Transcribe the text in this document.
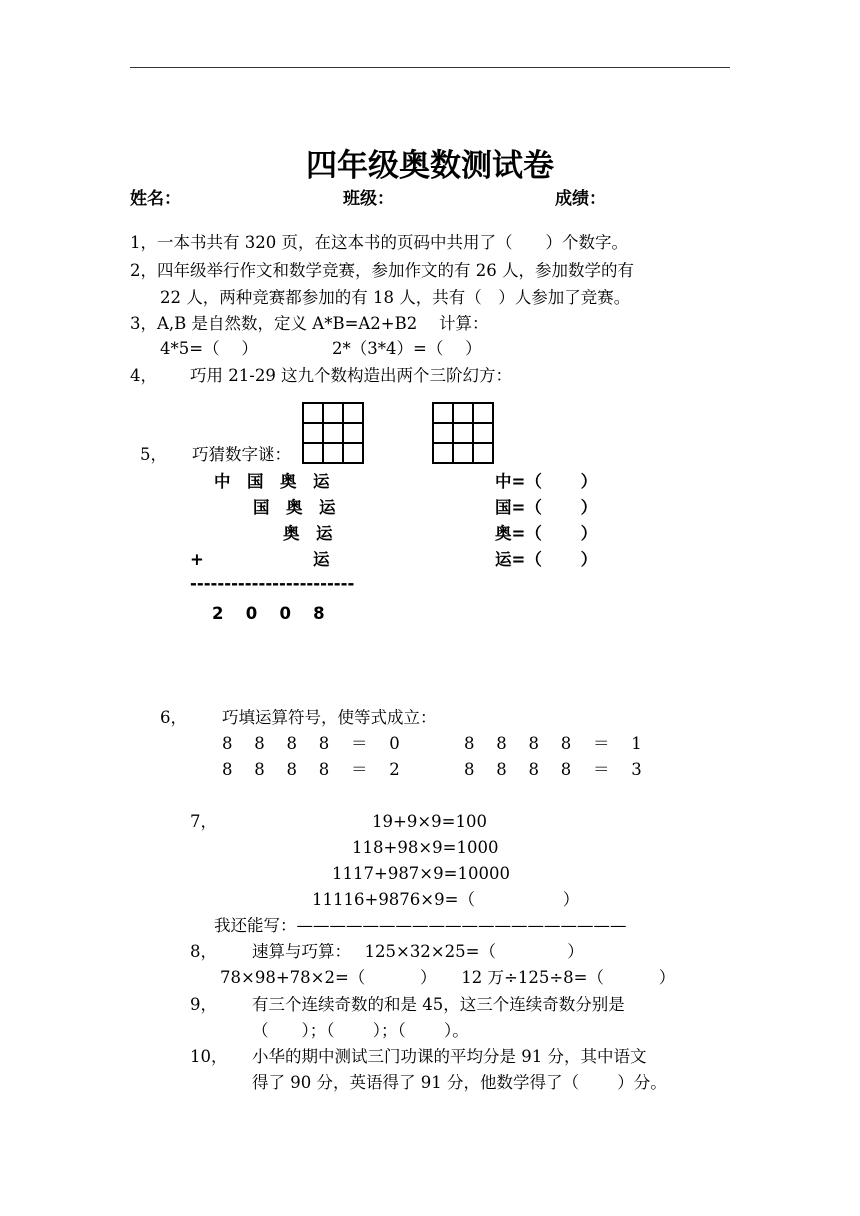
四年级奥数测试卷
姓名：	班级：	成绩：
1，一本书共有 320 页，在这本书的页码中共用了（　　）个数字。
2，四年级举行作文和数学竞赛，参加作文的有 26 人，参加数学的有
22 人，两种竞赛都参加的有 18 人，共有（　）人参加了竞赛。
3，A,B 是自然数，定义 A*B=A2+B2　 计算：
4*5=（　 ）	2*（3*4）=（　 ）
4， 巧用 21-29 这九个数构造出两个三阶幻方：
5， 巧猜数字谜：
中　国　奥　运
国　奥　运
奥　运
+	运
------------------------
2　 0　 0　 8
中=（　　 ）
国=（　　 ）
奥=（　　 ）
运=（　　 ）
6， 巧填运算符号，使等式成立：
8　 8　 8　 8　 ＝　 0	8　 8　 8　 8　 ＝　 1
8　 8　 8　 8　 ＝　 2	8　 8　 8　 8　 ＝　 3
7，	19+9×9=100
118+98×9=1000
1117+987×9=10000
11116+9876×9=（　　　　　 ）
我还能写：————————————————————
8， 速算与巧算：　 125×32×25=（　　　　 ）
78×98+78×2=（　　　 ）　　12 万÷125÷8=（　　　 ）
9， 有三个连续奇数的和是 45，这三个连续奇数分别是
（　　）；（　　 ）；（　　 ）。
10， 小华的期中测试三门功课的平均分是 91 分，其中语文
得了 90 分，英语得了 91 分，他数学得了（　　 ）分。
